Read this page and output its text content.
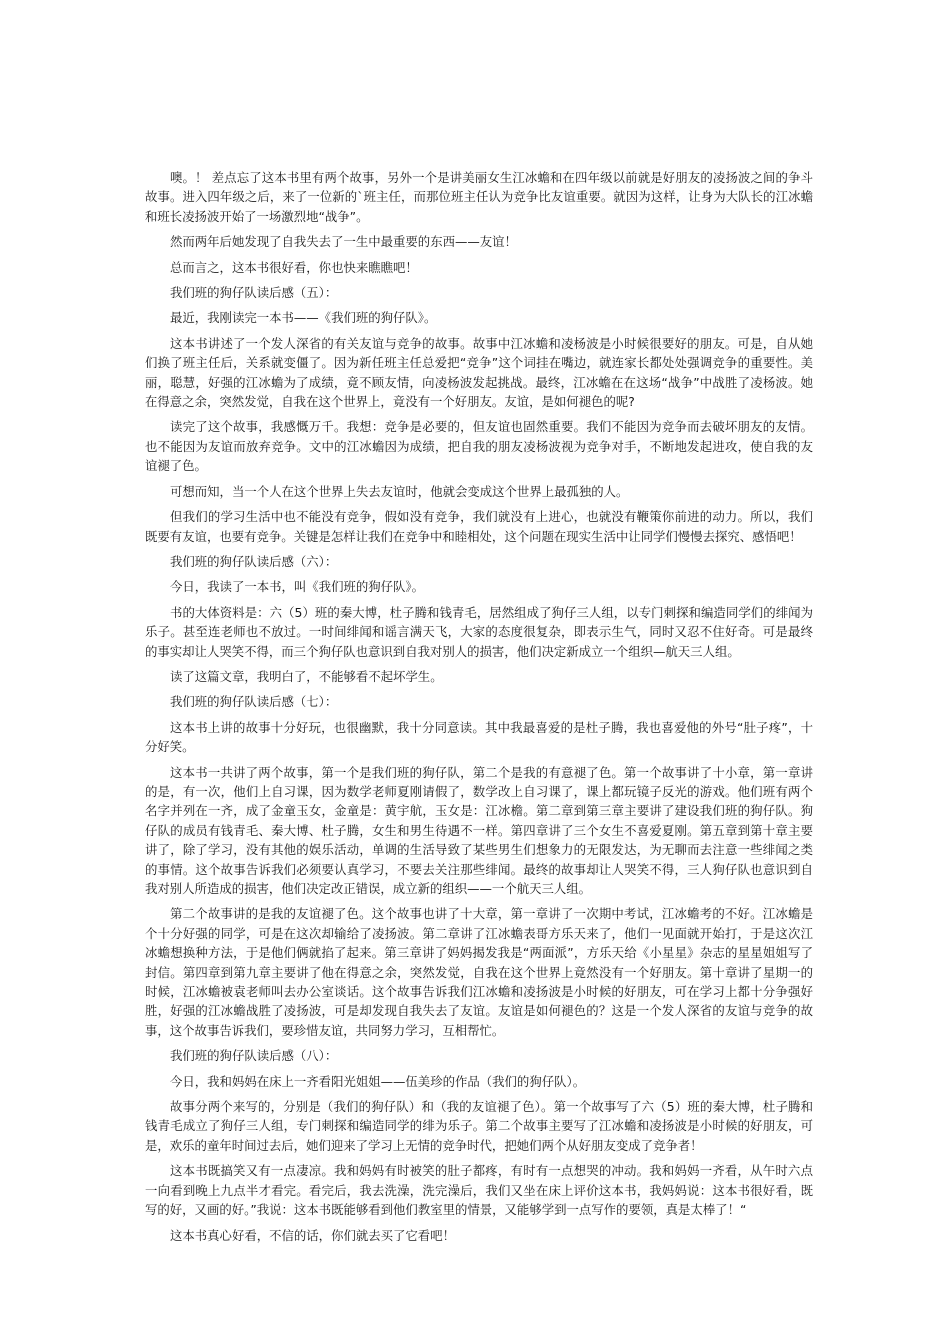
噢。！ 差点忘了这本书里有两个故事，另外一个是讲美丽女生江冰蟾和在四年级以前就是好朋友的凌扬波之间的争斗故事。进入四年级之后，来了一位新的`班主任，而那位班主任认为竞争比友谊重要。就因为这样，让身为大队长的江冰蟾和班长凌扬波开始了一场激烈地“战争”。

然而两年后她发现了自我失去了一生中最重要的东西——友谊！

总而言之，这本书很好看，你也快来瞧瞧吧！

我们班的狗仔队读后感（五）：

最近，我刚读完一本书——《我们班的狗仔队》。

这本书讲述了一个发人深省的有关友谊与竞争的故事。故事中江冰蟾和凌杨波是小时候很要好的朋友。可是，自从她们换了班主任后，关系就变僵了。因为新任班主任总爱把“竞争”这个词挂在嘴边，就连家长都处处强调竞争的重要性。美丽，聪慧，好强的江冰蟾为了成绩，竟不顾友情，向凌杨波发起挑战。最终，江冰蟾在在这场“战争”中战胜了凌杨波。她在得意之余，突然发觉，自我在这个世界上，竟没有一个好朋友。友谊，是如何褪色的呢?

读完了这个故事，我感慨万千。我想：竞争是必要的，但友谊也固然重要。我们不能因为竞争而去破坏朋友的友情。也不能因为友谊而放弃竞争。文中的江冰蟾因为成绩，把自我的朋友凌杨波视为竞争对手，不断地发起进攻，使自我的友谊褪了色。

可想而知，当一个人在这个世界上失去友谊时，他就会变成这个世界上最孤独的人。

但我们的学习生活中也不能没有竞争，假如没有竞争，我们就没有上进心，也就没有鞭策你前进的动力。所以，我们既要有友谊，也要有竞争。关键是怎样让我们在竞争中和睦相处，这个问题在现实生活中让同学们慢慢去探究、感悟吧！

我们班的狗仔队读后感（六）：

今日，我读了一本书，叫《我们班的狗仔队》。

书的大体资料是：六（5）班的秦大博，杜子腾和钱青毛，居然组成了狗仔三人组，以专门刺探和编造同学们的绯闻为乐子。甚至连老师也不放过。一时间绯闻和谣言满天飞，大家的态度很复杂，即表示生气，同时又忍不住好奇。可是最终的事实却让人哭笑不得，而三个狗仔队也意识到自我对别人的损害，他们决定新成立一个组织—航天三人组。

读了这篇文章，我明白了，不能够看不起坏学生。

我们班的狗仔队读后感（七）：

这本书上讲的故事十分好玩，也很幽默，我十分同意读。其中我最喜爱的是杜子腾，我也喜爱他的外号“肚子疼”，十分好笑。

这本书一共讲了两个故事，第一个是我们班的狗仔队，第二个是我的有意褪了色。第一个故事讲了十小章，第一章讲的是，有一次，他们上自习课，因为数学老师夏刚请假了，数学改上自习课了，课上都玩镜子反光的游戏。他们班有两个名字并列在一齐，成了金童玉女，金童是：黄宇航，玉女是：江冰檐。第二章到第三章主要讲了建设我们班的狗仔队。狗仔队的成员有钱青毛、秦大博、杜子腾，女生和男生待遇不一样。第四章讲了三个女生不喜爱夏刚。第五章到第十章主要讲了，除了学习，没有其他的娱乐活动，单调的生活导致了某些男生们想象力的无限发达，为无聊而去注意一些绯闻之类的事情。这个故事告诉我们必须要认真学习，不要去关注那些绯闻。最终的故事却让人哭笑不得，三人狗仔队也意识到自我对别人所造成的损害，他们决定改正错误，成立新的组织——一个航天三人组。

第二个故事讲的是我的友谊褪了色。这个故事也讲了十大章，第一章讲了一次期中考试，江冰蟾考的不好。江冰蟾是个十分好强的同学，可是在这次却输给了凌扬波。第二章讲了江冰蟾表哥方乐天来了，他们一见面就开始打，于是这次江冰蟾想换种方法，于是他们俩就掐了起来。第三章讲了妈妈揭发我是“两面派”，方乐天给《小星星》杂志的星星姐姐写了封信。第四章到第九章主要讲了他在得意之余，突然发觉，自我在这个世界上竟然没有一个好朋友。第十章讲了星期一的时候，江冰蟾被袁老师叫去办公室谈话。这个故事告诉我们江冰蟾和凌扬波是小时候的好朋友，可在学习上都十分争强好胜，好强的江冰蟾战胜了凌扬波，可是却发现自我失去了友谊。友谊是如何褪色的？这是一个发人深省的友谊与竞争的故事，这个故事告诉我们，要珍惜友谊，共同努力学习，互相帮忙。

我们班的狗仔队读后感（八）：

今日，我和妈妈在床上一齐看阳光姐姐——伍美珍的作品（我们的狗仔队）。

故事分两个来写的，分别是（我们的狗仔队）和（我的友谊褪了色）。第一个故事写了六（5）班的秦大博，杜子腾和钱青毛成立了狗仔三人组，专门刺探和编造同学的绯为乐子。第二个故事主要写了江冰蟾和凌扬波是小时候的好朋友，可是，欢乐的童年时间过去后，她们迎来了学习上无情的竞争时代，把她们两个从好朋友变成了竞争者！

这本书既搞笑又有一点凄凉。我和妈妈有时被笑的肚子都疼，有时有一点想哭的冲动。我和妈妈一齐看，从午时六点一向看到晚上九点半才看完。看完后，我去洗澡，洗完澡后，我们又坐在床上评价这本书，我妈妈说：这本书很好看，既写的好，又画的好。”我说：这本书既能够看到他们教室里的情景，又能够学到一点写作的要领，真是太棒了！“

这本书真心好看，不信的话，你们就去买了它看吧！
